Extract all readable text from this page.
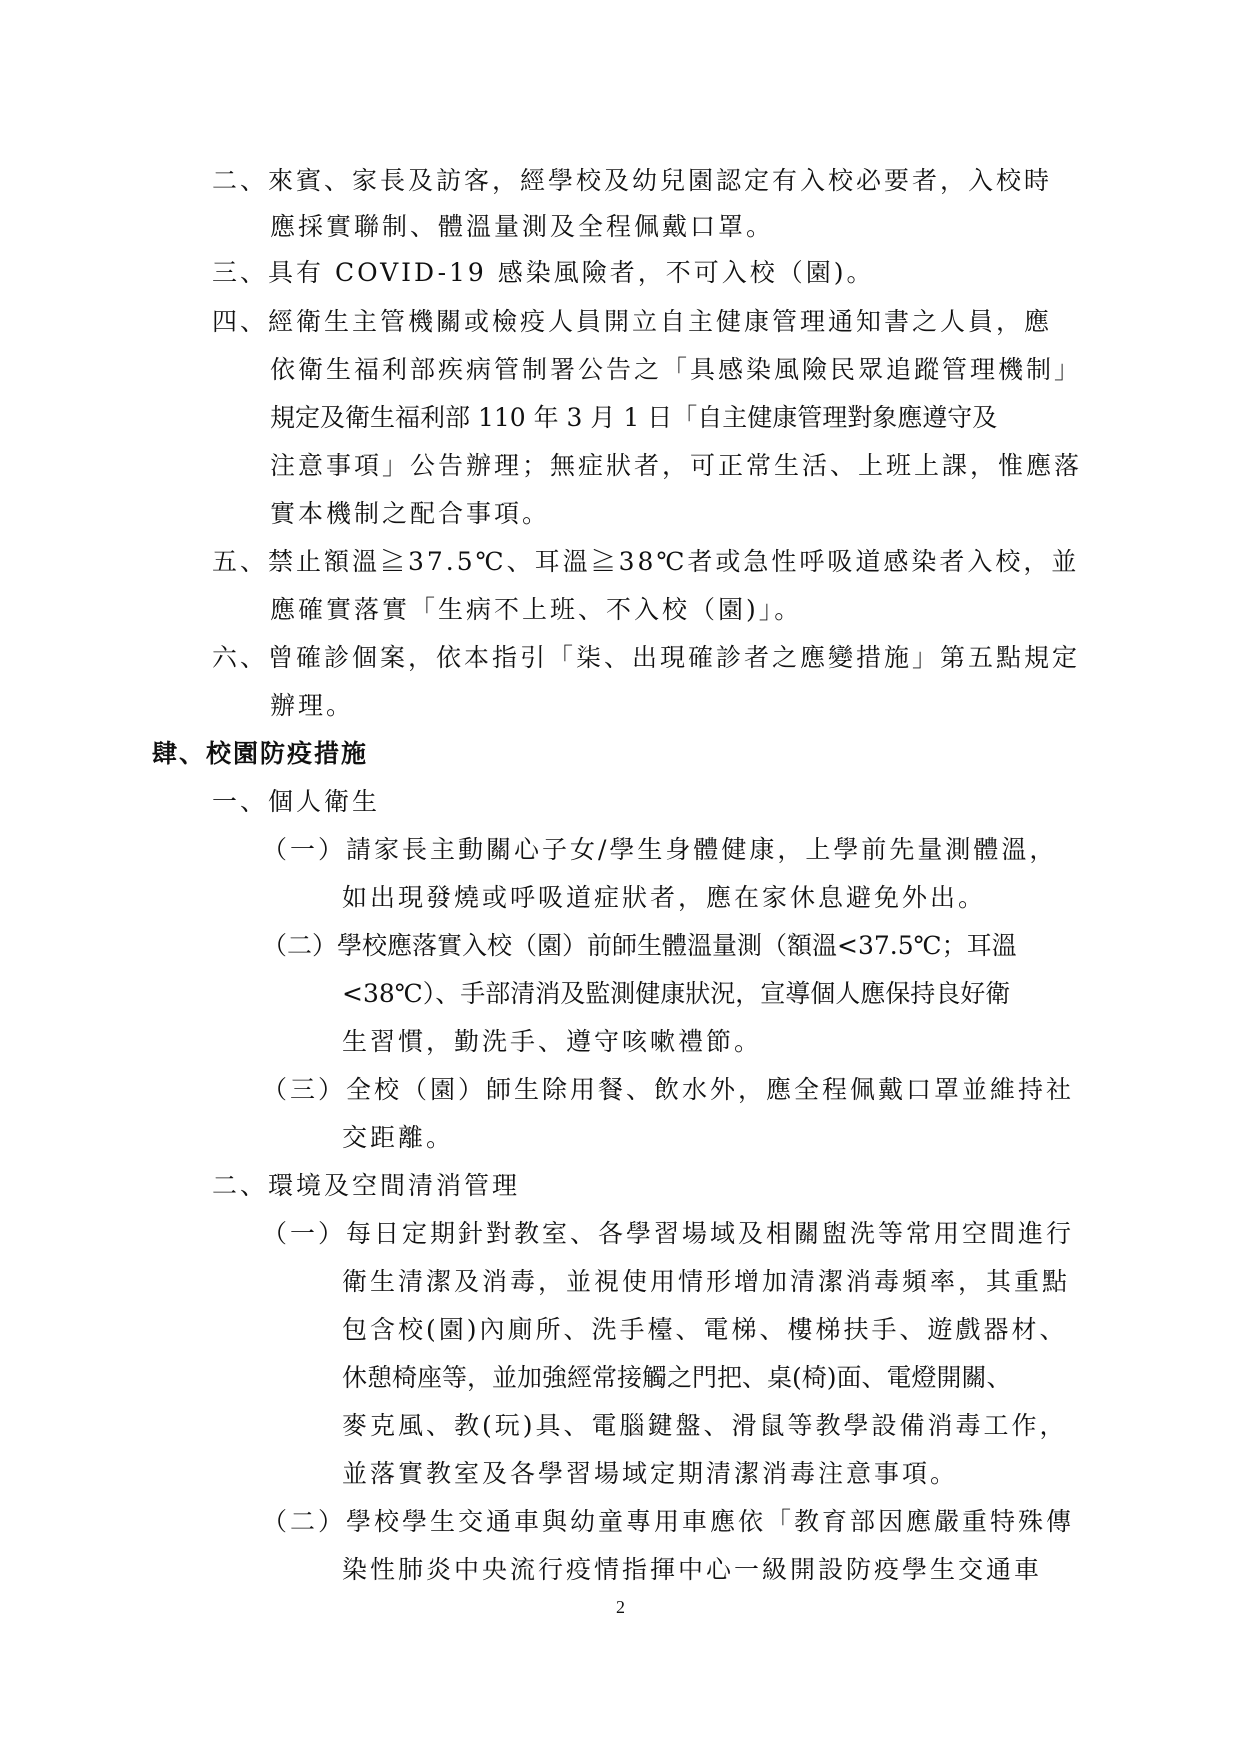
二、來賓、家長及訪客，經學校及幼兒園認定有入校必要者，入校時
應採實聯制、體溫量測及全程佩戴口罩。
三、具有 COVID-19 感染風險者，不可入校（園)。
四、經衛生主管機關或檢疫人員開立自主健康管理通知書之人員，應
依衛生福利部疾病管制署公告之「具感染風險民眾追蹤管理機制」
規定及衛生福利部 110 年 3 月 1 日「自主健康管理對象應遵守及
注意事項」公告辦理；無症狀者，可正常生活、上班上課，惟應落
實本機制之配合事項。
五、禁止額溫≧37.5℃、耳溫≧38℃者或急性呼吸道感染者入校，並
應確實落實「生病不上班、不入校（園)」。
六、曾確診個案，依本指引「柒、出現確診者之應變措施」第五點規定
辦理。
肆、校園防疫措施
一、個人衛生
（一）請家長主動關心子女/學生身體健康，上學前先量測體溫，
如出現發燒或呼吸道症狀者，應在家休息避免外出。
（二）學校應落實入校（園）前師生體溫量測（額溫<37.5℃；耳溫
<38℃）、手部清消及監測健康狀況，宣導個人應保持良好衛
生習慣，勤洗手、遵守咳嗽禮節。
（三）全校（園）師生除用餐、飲水外，應全程佩戴口罩並維持社
交距離。
二、環境及空間清消管理
（一）每日定期針對教室、各學習場域及相關盥洗等常用空間進行
衛生清潔及消毒，並視使用情形增加清潔消毒頻率，其重點
包含校(園)內廁所、洗手檯、電梯、樓梯扶手、遊戲器材、
休憩椅座等，並加強經常接觸之門把、桌(椅)面、電燈開關、
麥克風、教(玩)具、電腦鍵盤、滑鼠等教學設備消毒工作，
並落實教室及各學習場域定期清潔消毒注意事項。
（二）學校學生交通車與幼童專用車應依「教育部因應嚴重特殊傳
染性肺炎中央流行疫情指揮中心一級開設防疫學生交通車
2
